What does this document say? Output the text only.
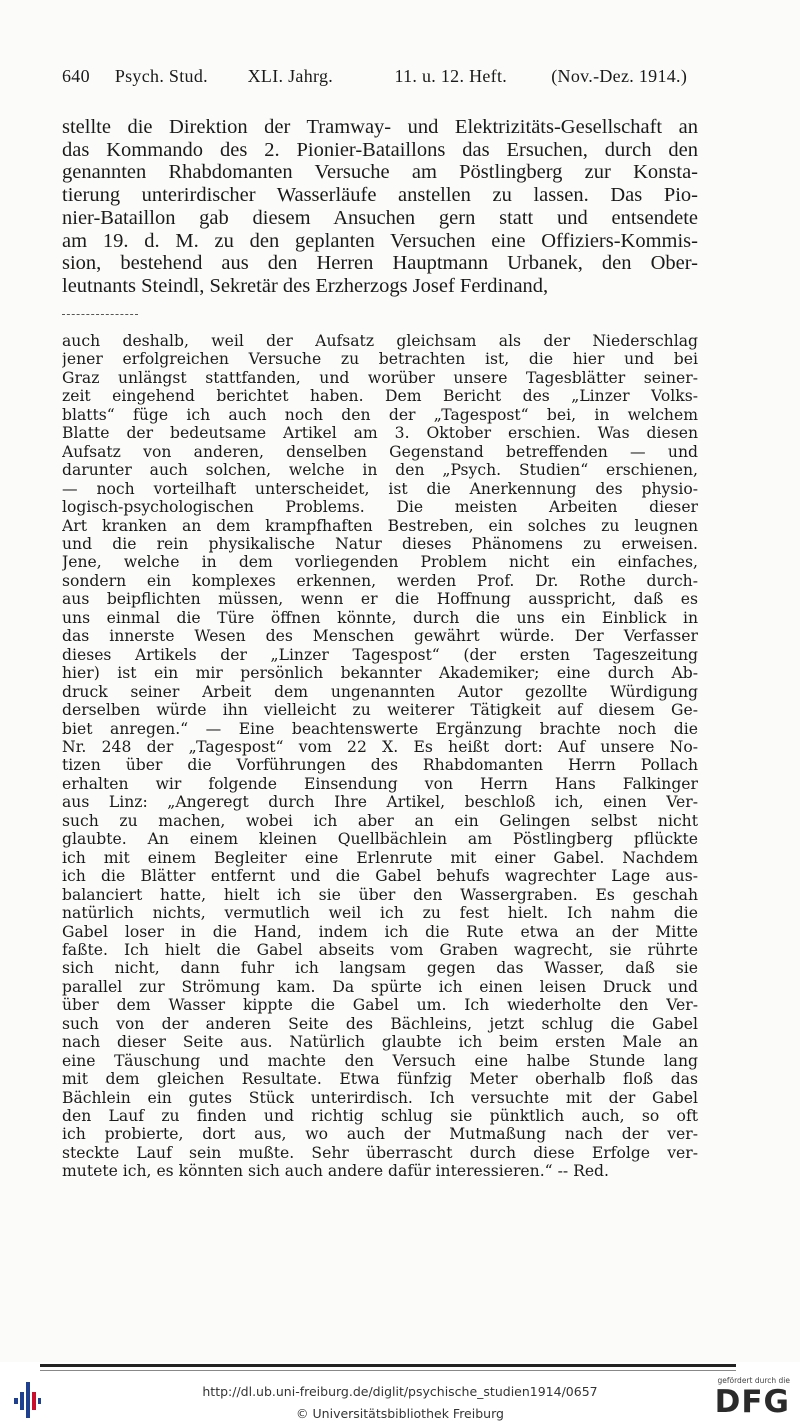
640 Psych. Stud. XLI. Jahrg.	11. u. 12. Heft. (Nov.-Dez. 1914.)
stellte die Direktion der Tramway- und Elektrizitäts-Gesellschaft an
das Kommando des 2. Pionier-Bataillons das Ersuchen, durch den
genannten Rhabdomanten Versuche am Pöstlingberg zur Konsta-
tierung unterirdischer Wasserläufe anstellen zu lassen. Das Pio-
nier-Bataillon gab diesem Ansuchen gern statt und entsendete
am 19. d. M. zu den geplanten Versuchen eine Offiziers-Kommis-
sion, bestehend aus den Herren Hauptmann Urbanek, den Ober-
leutnants Steindl, Sekretär des Erzherzogs Josef Ferdinand,
auch deshalb, weil der Aufsatz gleichsam als der Niederschlag
jener erfolgreichen Versuche zu betrachten ist, die hier und bei
Graz unlängst stattfanden, und worüber unsere Tagesblätter seiner-
zeit eingehend berichtet haben. Dem Bericht des „Linzer Volks-
blatts“ füge ich auch noch den der „Tagespost“ bei, in welchem
Blatte der bedeutsame Artikel am 3. Oktober erschien. Was diesen
Aufsatz von anderen, denselben Gegenstand betreffenden — und
darunter auch solchen, welche in den „Psych. Studien“ erschienen,
— noch vorteilhaft unterscheidet, ist die Anerkennung des physio-
logisch-psychologischen Problems. Die meisten Arbeiten dieser
Art kranken an dem krampfhaften Bestreben, ein solches zu leugnen
und die rein physikalische Natur dieses Phänomens zu erweisen.
Jene, welche in dem vorliegenden Problem nicht ein einfaches,
sondern ein komplexes erkennen, werden Prof. Dr. Rothe durch-
aus beipflichten müssen, wenn er die Hoffnung ausspricht, daß es
uns einmal die Türe öffnen könnte, durch die uns ein Einblick in
das innerste Wesen des Menschen gewährt würde. Der Verfasser
dieses Artikels der „Linzer Tagespost“ (der ersten Tageszeitung
hier) ist ein mir persönlich bekannter Akademiker; eine durch Ab-
druck seiner Arbeit dem ungenannten Autor gezollte Würdigung
derselben würde ihn vielleicht zu weiterer Tätigkeit auf diesem Ge-
biet anregen.“ — Eine beachtenswerte Ergänzung brachte noch die
Nr. 248 der „Tagespost“ vom 22 X. Es heißt dort: Auf unsere No-
tizen über die Vorführungen des Rhabdomanten Herrn Pollach
erhalten wir folgende Einsendung von Herrn Hans Falkinger
aus Linz: „Angeregt durch Ihre Artikel, beschloß ich, einen Ver-
such zu machen, wobei ich aber an ein Gelingen selbst nicht
glaubte. An einem kleinen Quellbächlein am Pöstlingberg pflückte
ich mit einem Begleiter eine Erlenrute mit einer Gabel. Nachdem
ich die Blätter entfernt und die Gabel behufs wagrechter Lage aus-
balanciert hatte, hielt ich sie über den Wassergraben. Es geschah
natürlich nichts, vermutlich weil ich zu fest hielt. Ich nahm die
Gabel loser in die Hand, indem ich die Rute etwa an der Mitte
faßte. Ich hielt die Gabel abseits vom Graben wagrecht, sie rührte
sich nicht, dann fuhr ich langsam gegen das Wasser, daß sie
parallel zur Strömung kam. Da spürte ich einen leisen Druck und
über dem Wasser kippte die Gabel um. Ich wiederholte den Ver-
such von der anderen Seite des Bächleins, jetzt schlug die Gabel
nach dieser Seite aus. Natürlich glaubte ich beim ersten Male an
eine Täuschung und machte den Versuch eine halbe Stunde lang
mit dem gleichen Resultate. Etwa fünfzig Meter oberhalb floß das
Bächlein ein gutes Stück unterirdisch. Ich versuchte mit der Gabel
den Lauf zu finden und richtig schlug sie pünktlich auch, so oft
ich probierte, dort aus, wo auch der Mutmaßung nach der ver-
steckte Lauf sein mußte. Sehr überrascht durch diese Erfolge ver-
mutete ich, es könnten sich auch andere dafür interessieren.“ -- Red.
http://dl.ub.uni-freiburg.de/diglit/psychische_studien1914/0657
© Universitätsbibliothek Freiburg
gefördert durch die
DFG
